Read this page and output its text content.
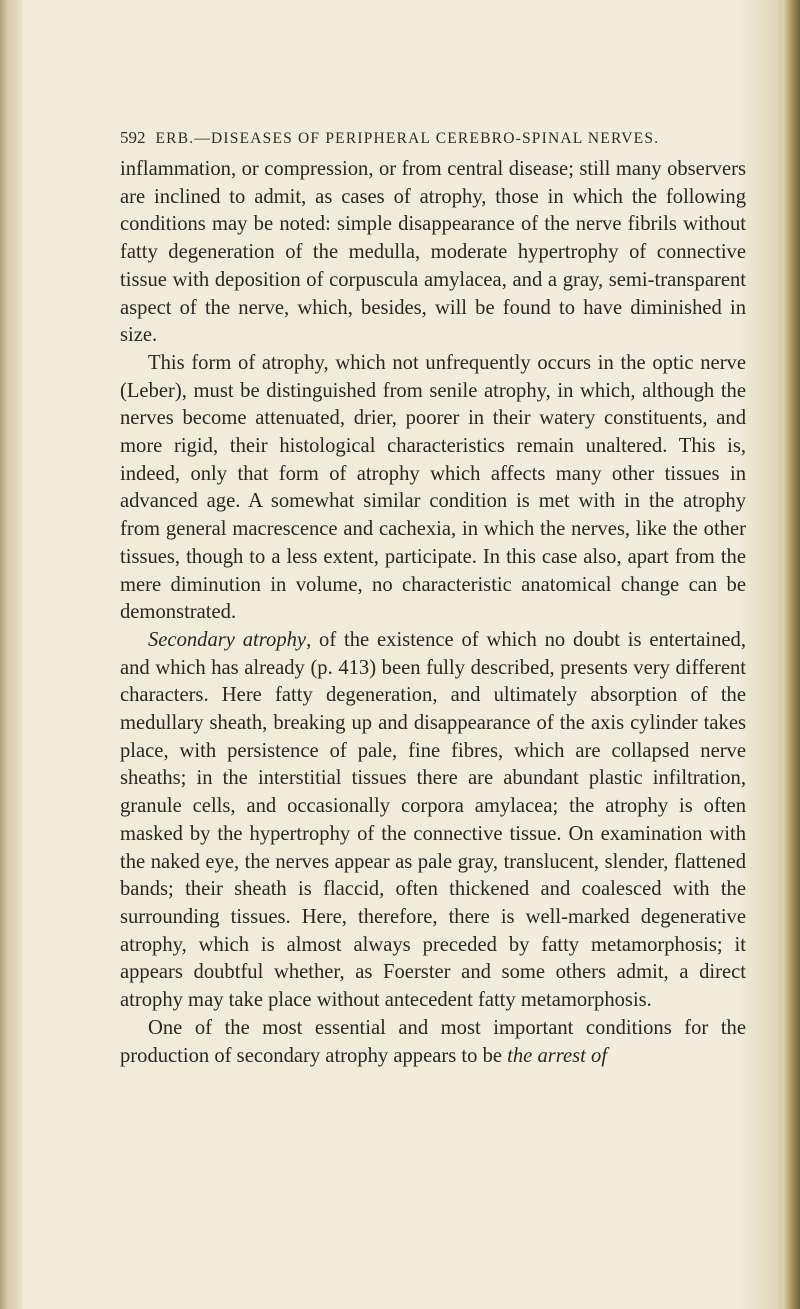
592 ERB.—DISEASES OF PERIPHERAL CEREBRO-SPINAL NERVES.

inflammation, or compression, or from central disease; still many observers are inclined to admit, as cases of atrophy, those in which the following conditions may be noted: simple disappearance of the nerve fibrils without fatty degeneration of the medulla, moderate hypertrophy of connective tissue with deposition of corpuscula amylacea, and a gray, semi-transparent aspect of the nerve, which, besides, will be found to have diminished in size.

This form of atrophy, which not unfrequently occurs in the optic nerve (Leber), must be distinguished from senile atrophy, in which, although the nerves become attenuated, drier, poorer in their watery constituents, and more rigid, their histological characteristics remain unaltered. This is, indeed, only that form of atrophy which affects many other tissues in advanced age. A somewhat similar condition is met with in the atrophy from general macrescence and cachexia, in which the nerves, like the other tissues, though to a less extent, participate. In this case also, apart from the mere diminution in volume, no characteristic anatomical change can be demonstrated.

Secondary atrophy, of the existence of which no doubt is entertained, and which has already (p. 413) been fully described, presents very different characters. Here fatty degeneration, and ultimately absorption of the medullary sheath, breaking up and disappearance of the axis cylinder takes place, with persistence of pale, fine fibres, which are collapsed nerve sheaths; in the interstitial tissues there are abundant plastic infiltration, granule cells, and occasionally corpora amylacea; the atrophy is often masked by the hypertrophy of the connective tissue. On examination with the naked eye, the nerves appear as pale gray, translucent, slender, flattened bands; their sheath is flaccid, often thickened and coalesced with the surrounding tissues. Here, therefore, there is well-marked degenerative atrophy, which is almost always preceded by fatty metamorphosis; it appears doubtful whether, as Foerster and some others admit, a direct atrophy may take place without antecedent fatty metamorphosis.

One of the most essential and most important conditions for the production of secondary atrophy appears to be the arrest of
